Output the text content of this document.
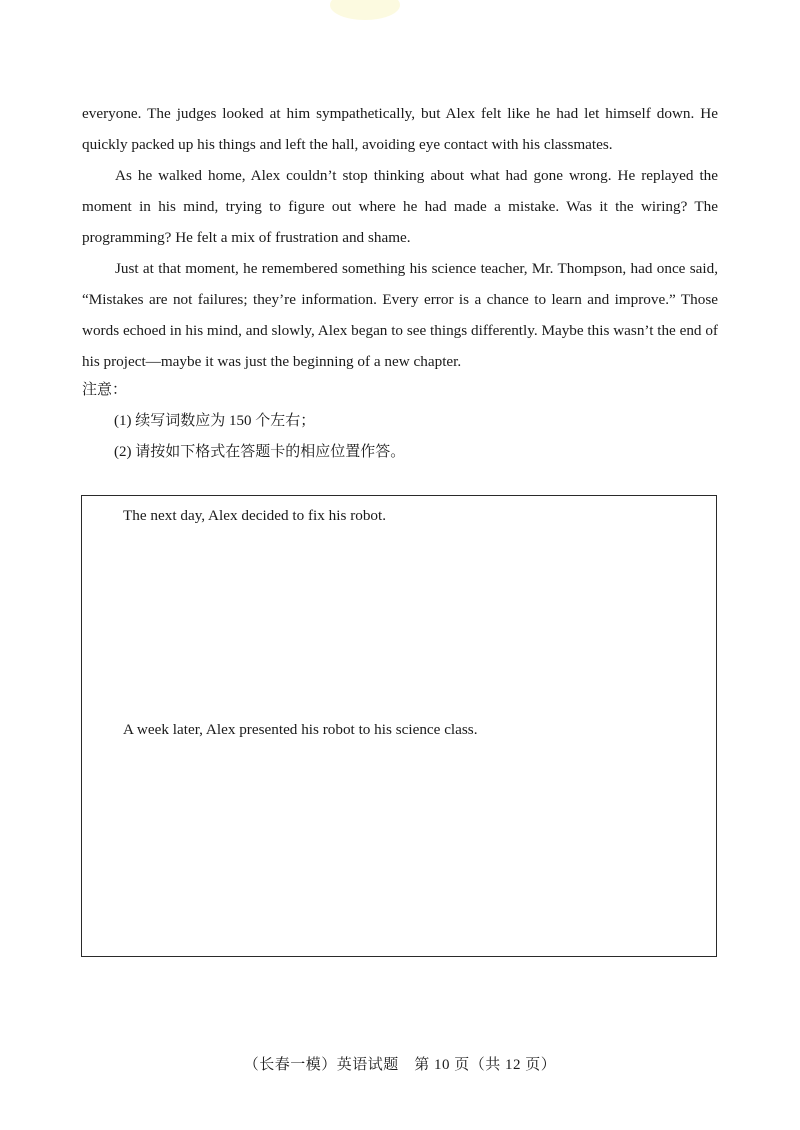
everyone. The judges looked at him sympathetically, but Alex felt like he had let himself down. He quickly packed up his things and left the hall, avoiding eye contact with his classmates.

As he walked home, Alex couldn’t stop thinking about what had gone wrong. He replayed the moment in his mind, trying to figure out where he had made a mistake. Was it the wiring? The programming? He felt a mix of frustration and shame.

Just at that moment, he remembered something his science teacher, Mr. Thompson, had once said, “Mistakes are not failures; they’re information. Every error is a chance to learn and improve.” Those words echoed in his mind, and slowly, Alex began to see things differently. Maybe this wasn’t the end of his project—maybe it was just the beginning of a new chapter.

注意：

(1) 续写词数应为 150 个左右；

(2) 请按如下格式在答题卡的相应位置作答。

The next day, Alex decided to fix his robot.

A week later, Alex presented his robot to his science class.

（长春一模）英语试题　第 10 页（共 12 页）
